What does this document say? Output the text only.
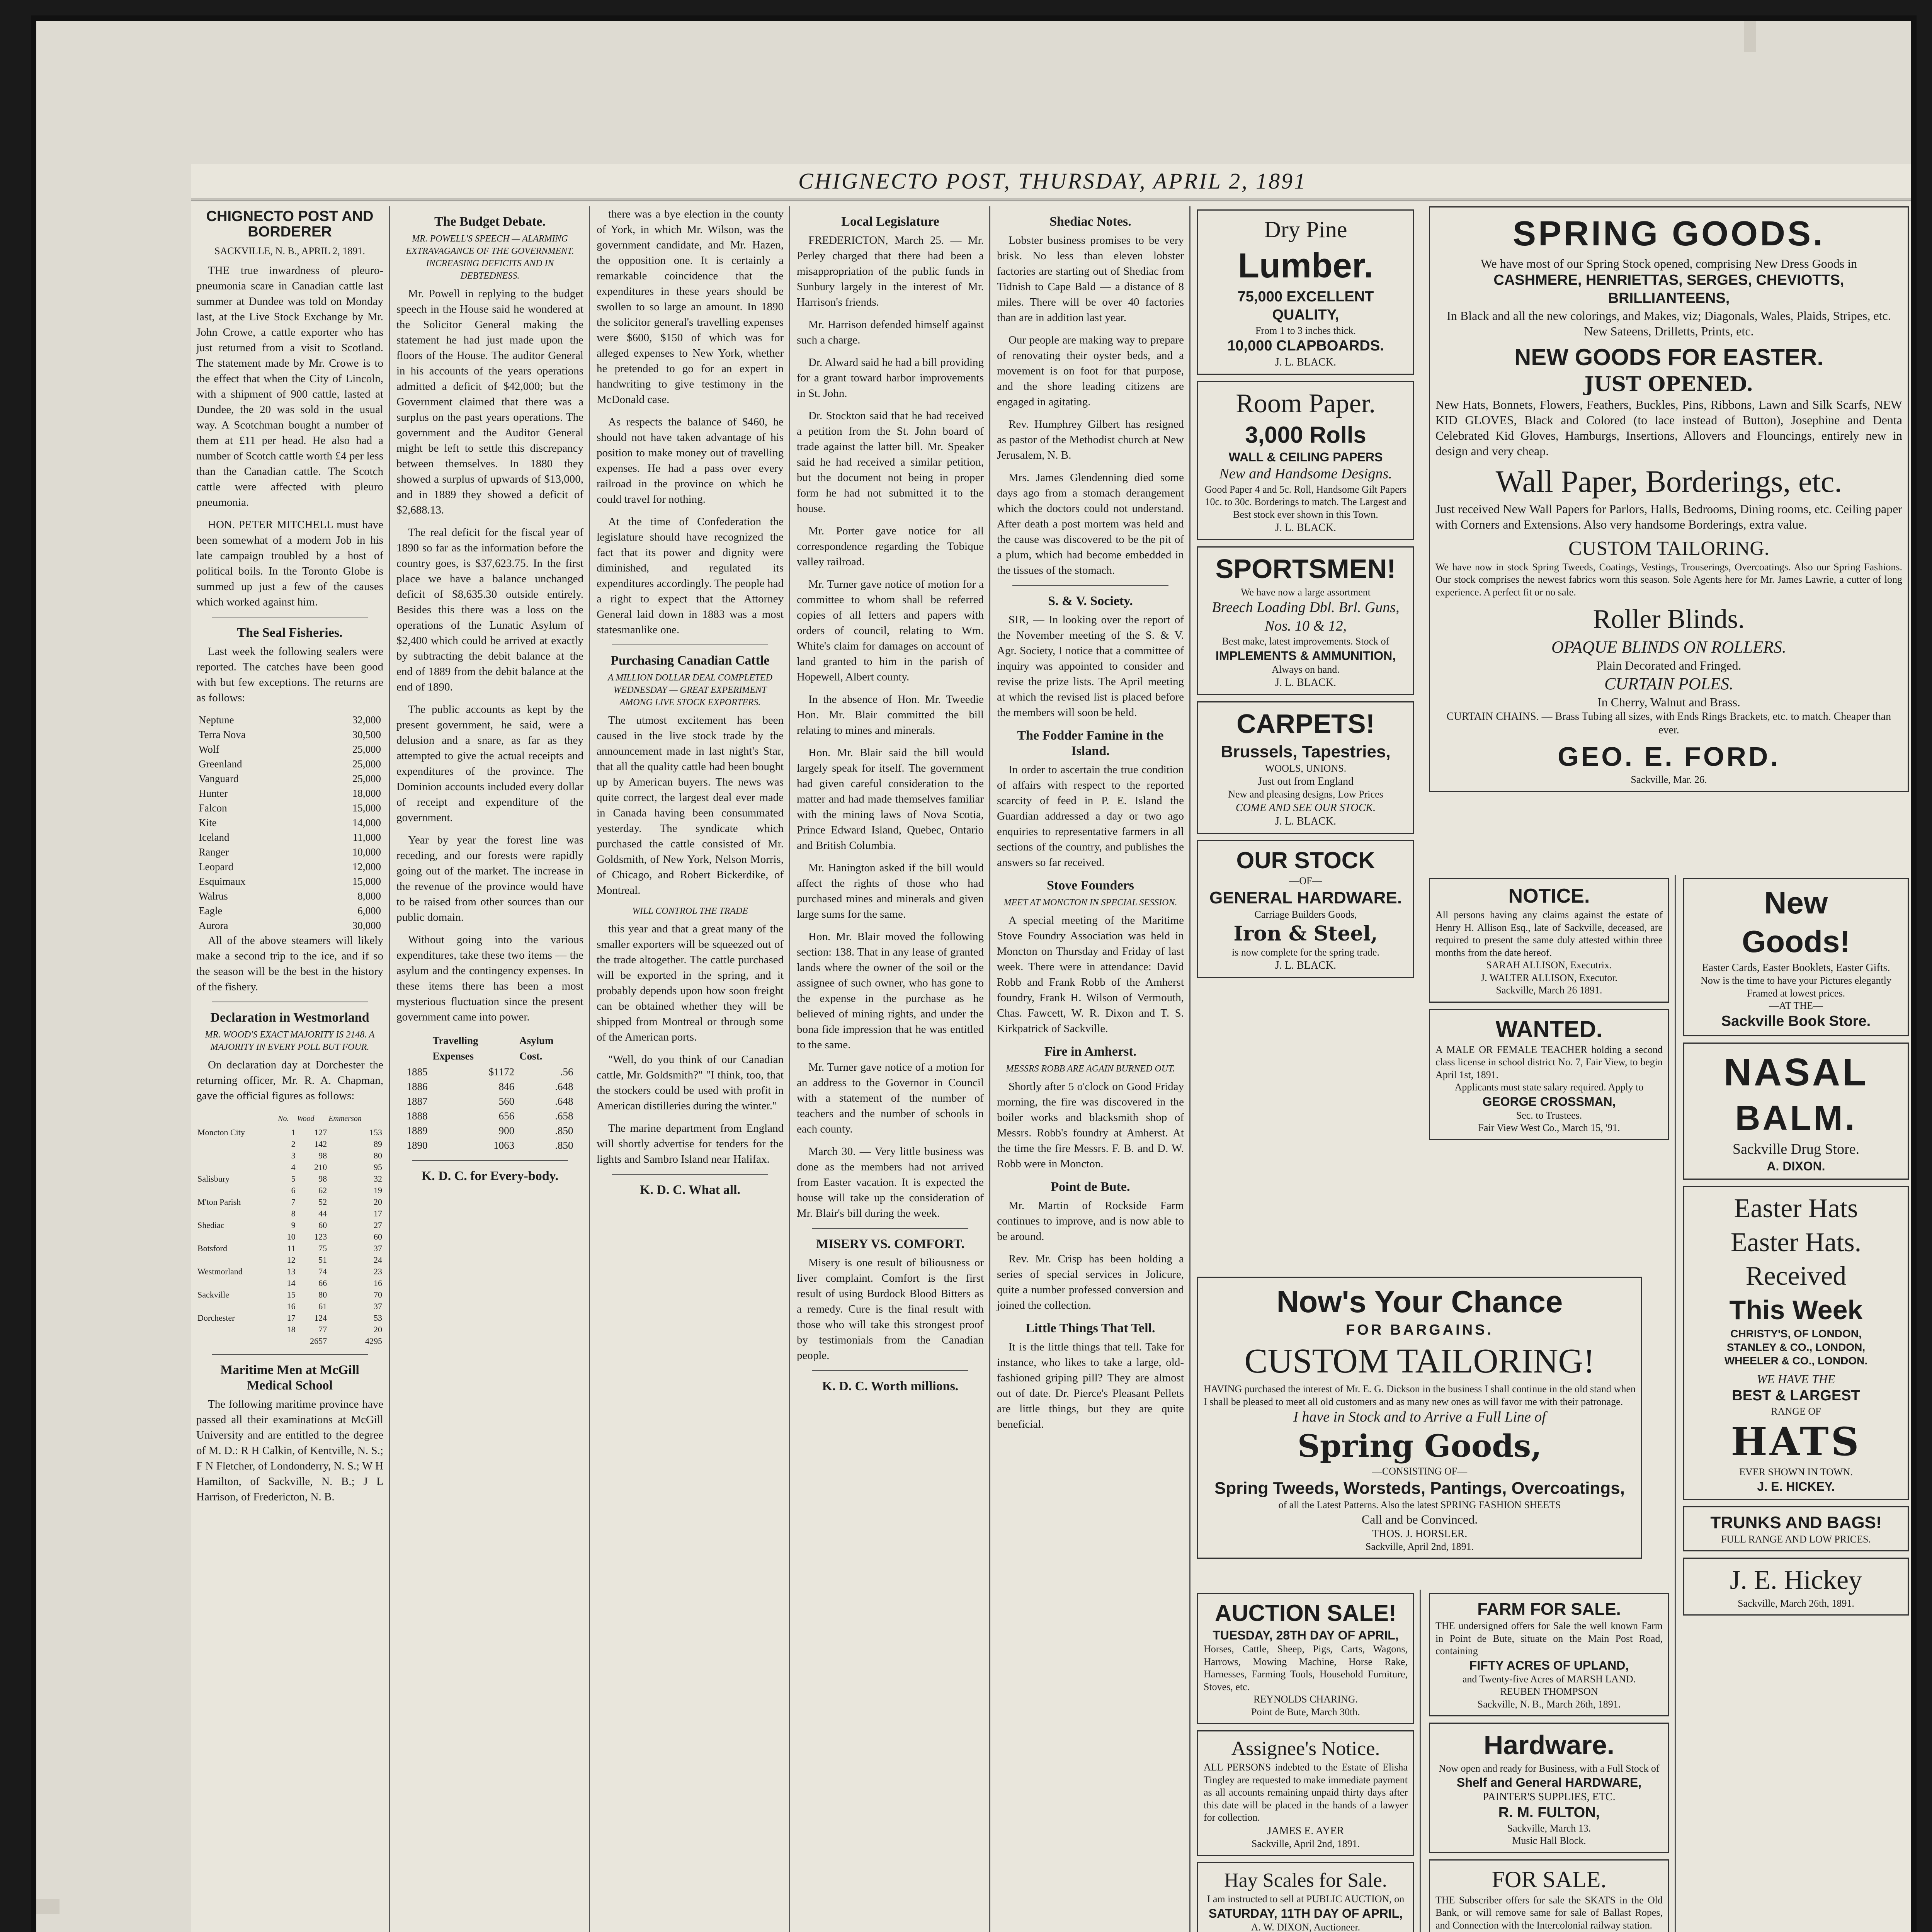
CHIGNECTO POST, THURSDAY, APRIL 2, 1891
CHIGNECTO POST AND BORDERER
SACKVILLE, N. B., APRIL 2, 1891.

THE true inwardness of pleuro-pneumonia scare in Canadian cattle last summer at Dundee was told on Monday last, at the Live Stock Exchange by Mr. John Crowe, a cattle exporter who has just returned from a visit to Scotland. The statement made by Mr. Crowe is to the effect that when the City of Lincoln, with a shipment of 900 cattle, lasted at Dundee, the 20 was sold in the usual way. A Scotchman bought a number of them at £11 per head. He also had a number of Scotch cattle worth £4 per less than the Canadian cattle. The Scotch cattle were affected with pleuro pneumonia.

HON. PETER MITCHELL must have been somewhat of a modern Job in his late campaign troubled by a host of political boils. In the Toronto Globe is summed up just a few of the causes which worked against him.

The Seal Fisheries.

Last week the following sealers were reported. The catches have been good with but few exceptions. The returns are as follows:

Neptune	32,000
Terra Nova	30,500
Wolf	25,000
Greenland	25,000
Vanguard	25,000
Hunter	18,000
Falcon	15,000
Kite	14,000
Iceland	11,000
Ranger	10,000
Leopard	12,000
Esquimaux	15,000
Walrus	8,000
Eagle	6,000
Aurora	30,000

All of the above steamers will likely make a second trip to the ice, and if so the season will be the best in the history of the fishery.

Declaration in Westmorland
MR. WOOD'S EXACT MAJORITY IS 2148. A MAJORITY IN EVERY POLL BUT FOUR.

On declaration day at Dorchester the returning officer, Mr. R. A. Chapman, gave the official figures as follows:

	No.	Wood	Emmerson
Moncton City	1	127	153
	2	142	89
	3	98	80
	4	210	95
Salisbury	5	98	32
	6	62	19
M'ton Parish	7	52	20
	8	44	17
Shediac	9	60	27
	10	123	60
Botsford	11	75	37
	12	51	24
Westmorland	13	74	23
	14	66	16
Sackville	15	80	70
	16	61	37
Dorchester	17	124	53
	18	77	20
		2657	4295
Maritime Men at McGill Medical School

The following maritime province have passed all their examinations at McGill University and are entitled to the degree of M. D.: R H Calkin, of Kentville, N. S.; F N Fletcher, of Londonderry, N. S.; W H Hamilton, of Sackville, N. B.; J L Harrison, of Fredericton, N. B.

The Budget Debate.
MR. POWELL'S SPEECH — ALARMING EXTRAVAGANCE OF THE GOVERNMENT. INCREASING DEFICITS AND IN DEBTEDNESS.

Mr. Powell in replying to the budget speech in the House said he wondered at the Solicitor General making the statement he had just made upon the floors of the House. The auditor General in his accounts of the years operations admitted a deficit of $42,000; but the Government claimed that there was a surplus on the past years operations. The government and the Auditor General might be left to settle this discrepancy between themselves. In 1880 they showed a surplus of upwards of $13,000, and in 1889 they showed a deficit of $2,688.13.

The real deficit for the fiscal year of 1890 so far as the information before the country goes, is $37,623.75. In the first place we have a balance unchanged deficit of $8,635.30 outside entirely. Besides this there was a loss on the operations of the Lunatic Asylum of $2,400 which could be arrived at exactly by subtracting the debit balance at the end of 1889 from the debit balance at the end of 1890.

The public accounts as kept by the present government, he said, were a delusion and a snare, as far as they attempted to give the actual receipts and expenditures of the province. The Dominion accounts included every dollar of receipt and expenditure of the government.

Year by year the forest line was receding, and our forests were rapidly going out of the market. The increase in the revenue of the province would have to be raised from other sources than our public domain.

Without going into the various expenditures, take these two items — the asylum and the contingency expenses. In these items there has been a most mysterious fluctuation since the present government came into power.

	Travelling Expenses	Asylum Cost.
1885	$1172	.56
1886	846	.648
1887	560	.648
1888	656	.658
1889	900	.850
1890	1063	.850
K. D. C. for Every-body.

there was a bye election in the county of York, in which Mr. Wilson, was the government candidate, and Mr. Hazen, the opposition one. It is certainly a remarkable coincidence that the expenditures in these years should be swollen to so large an amount. In 1890 the solicitor general's travelling expenses were $600, $150 of which was for alleged expenses to New York, whether he pretended to go for an expert in handwriting to give testimony in the McDonald case.

As respects the balance of $460, he should not have taken advantage of his position to make money out of travelling expenses. He had a pass over every railroad in the province on which he could travel for nothing.

At the time of Confederation the legislature should have recognized the fact that its power and dignity were diminished, and regulated its expenditures accordingly. The people had a right to expect that the Attorney General laid down in 1883 was a most statesmanlike one.

Purchasing Canadian Cattle
A MILLION DOLLAR DEAL COMPLETED WEDNESDAY — GREAT EXPERIMENT AMONG LIVE STOCK EXPORTERS.

The utmost excitement has been caused in the live stock trade by the announcement made in last night's Star, that all the quality cattle had been bought up by American buyers. The news was quite correct, the largest deal ever made in Canada having been consummated yesterday. The syndicate which purchased the cattle consisted of Mr. Goldsmith, of New York, Nelson Morris, of Chicago, and Robert Bickerdike, of Montreal.

WILL CONTROL THE TRADE

this year and that a great many of the smaller exporters will be squeezed out of the trade altogether. The cattle purchased will be exported in the spring, and it probably depends upon how soon freight can be obtained whether they will be shipped from Montreal or through some of the American ports.

"Well, do you think of our Canadian cattle, Mr. Goldsmith?" "I think, too, that the stockers could be used with profit in American distilleries during the winter."

The marine department from England will shortly advertise for tenders for the lights and Sambro Island near Halifax.

K. D. C. What all.
Local Legislature

FREDERICTON, March 25. — Mr. Perley charged that there had been a misappropriation of the public funds in Sunbury largely in the interest of Mr. Harrison's friends.

Mr. Harrison defended himself against such a charge.

Dr. Alward said he had a bill providing for a grant toward harbor improvements in St. John.

Dr. Stockton said that he had received a petition from the St. John board of trade against the latter bill. Mr. Speaker said he had received a similar petition, but the document not being in proper form he had not submitted it to the house.

Mr. Porter gave notice for all correspondence regarding the Tobique valley railroad.

Mr. Turner gave notice of motion for a committee to whom shall be referred copies of all letters and papers with orders of council, relating to Wm. White's claim for damages on account of land granted to him in the parish of Hopewell, Albert county.

In the absence of Hon. Mr. Tweedie Hon. Mr. Blair committed the bill relating to mines and minerals.

Hon. Mr. Blair said the bill would largely speak for itself. The government had given careful consideration to the matter and had made themselves familiar with the mining laws of Nova Scotia, Prince Edward Island, Quebec, Ontario and British Columbia.

Mr. Hanington asked if the bill would affect the rights of those who had purchased mines and minerals and given large sums for the same.

Hon. Mr. Blair moved the following section: 138. That in any lease of granted lands where the owner of the soil or the assignee of such owner, who has gone to the expense in the purchase as he believed of mining rights, and under the bona fide impression that he was entitled to the same.

Mr. Turner gave notice of a motion for an address to the Governor in Council with a statement of the number of teachers and the number of schools in each county.

March 30. — Very little business was done as the members had not arrived from Easter vacation. It is expected the house will take up the consideration of Mr. Blair's bill during the week.

MISERY VS. COMFORT.

Misery is one result of biliousness or liver complaint. Comfort is the first result of using Burdock Blood Bitters as a remedy. Cure is the final result with those who will take this strongest proof by testimonials from the Canadian people.

K. D. C. Worth millions.
Shediac Notes.

Lobster business promises to be very brisk. No less than eleven lobster factories are starting out of Shediac from Tidnish to Cape Bald — a distance of 8 miles. There will be over 40 factories than are in addition last year.

Our people are making way to prepare of renovating their oyster beds, and a movement is on foot for that purpose, and the shore leading citizens are engaged in agitating.

Rev. Humphrey Gilbert has resigned as pastor of the Methodist church at New Jerusalem, N. B.

Mrs. James Glendenning died some days ago from a stomach derangement which the doctors could not understand. After death a post mortem was held and the cause was discovered to be the pit of a plum, which had become embedded in the tissues of the stomach.

S. & V. Society.

SIR, — In looking over the report of the November meeting of the S. & V. Agr. Society, I notice that a committee of inquiry was appointed to consider and revise the prize lists. The April meeting at which the revised list is placed before the members will soon be held.

The Fodder Famine in the Island.

In order to ascertain the true condition of affairs with respect to the reported scarcity of feed in P. E. Island the Guardian addressed a day or two ago enquiries to representative farmers in all sections of the country, and publishes the answers so far received.

Stove Founders
MEET AT MONCTON IN SPECIAL SESSION.

A special meeting of the Maritime Stove Foundry Association was held in Moncton on Thursday and Friday of last week. There were in attendance: David Robb and Frank Robb of the Amherst foundry, Frank H. Wilson of Vermouth, Chas. Fawcett, W. R. Dixon and T. S. Kirkpatrick of Sackville.

Fire in Amherst.
MESSRS ROBB ARE AGAIN BURNED OUT.

Shortly after 5 o'clock on Good Friday morning, the fire was discovered in the boiler works and blacksmith shop of Messrs. Robb's foundry at Amherst. At the time the fire Messrs. F. B. and D. W. Robb were in Moncton.

Point de Bute.

Mr. Martin of Rockside Farm continues to improve, and is now able to be around.

Rev. Mr. Crisp has been holding a series of special services in Jolicure, quite a number professed conversion and joined the collection.

Little Things That Tell.

It is the little things that tell. Take for instance, who likes to take a large, old-fashioned griping pill? They are almost out of date. Dr. Pierce's Pleasant Pellets are little things, but they are quite beneficial.

Dry Pine
Lumber.
75,000 EXCELLENT QUALITY,
From 1 to 3 inches thick.
10,000 CLAPBOARDS.
J. L. BLACK.
Room Paper.
3,000 Rolls
WALL & CEILING PAPERS
New and Handsome Designs.
Good Paper 4 and 5c. Roll, Handsome Gilt Papers 10c. to 30c. Borderings to match. The Largest and Best stock ever shown in this Town.
J. L. BLACK.
SPORTSMEN!
We have now a large assortment
Breech Loading Dbl. Brl. Guns, Nos. 10 & 12,
Best make, latest improvements. Stock of
IMPLEMENTS & AMMUNITION,
Always on hand.
J. L. BLACK.
CARPETS!
Brussels, Tapestries,
WOOLS, UNIONS.
Just out from England
New and pleasing designs, Low Prices
COME AND SEE OUR STOCK.
J. L. BLACK.
OUR STOCK
—OF—
GENERAL HARDWARE.
Carriage Builders Goods,
Iron & Steel,
is now complete for the spring trade.
J. L. BLACK.
Now's Your Chance
FOR BARGAINS.
CUSTOM TAILORING!
HAVING purchased the interest of Mr. E. G. Dickson in the business I shall continue in the old stand when I shall be pleased to meet all old customers and as many new ones as will favor me with their patronage.
I have in Stock and to Arrive a Full Line of
Spring Goods,
—CONSISTING OF—
Spring Tweeds, Worsteds, Pantings, Overcoatings,
of all the Latest Patterns. Also the latest SPRING FASHION SHEETS
Call and be Convinced.
THOS. J. HORSLER.
Sackville, April 2nd, 1891.
AUCTION SALE!
TUESDAY, 28TH DAY OF APRIL,
Horses, Cattle, Sheep, Pigs, Carts, Wagons, Harrows, Mowing Machine, Horse Rake, Harnesses, Farming Tools, Household Furniture, Stoves, etc.
REYNOLDS CHARING.
Point de Bute, March 30th.
Assignee's Notice.
ALL PERSONS indebted to the Estate of Elisha Tingley are requested to make immediate payment as all accounts remaining unpaid thirty days after this date will be placed in the hands of a lawyer for collection.
JAMES E. AYER
Sackville, April 2nd, 1891.
Hay Scales for Sale.
I am instructed to sell at PUBLIC AUCTION, on
SATURDAY, 11TH DAY OF APRIL,
A. W. DIXON, Auctioneer.
SPRING GOODS.
We have most of our Spring Stock opened, comprising New Dress Goods in
CASHMERE, HENRIETTAS, SERGES, CHEVIOTTS, BRILLIANTEENS,
In Black and all the new colorings, and Makes, viz; Diagonals, Wales, Plaids, Stripes, etc. New Sateens, Drilletts, Prints, etc.
NEW GOODS FOR EASTER.
JUST OPENED.
New Hats, Bonnets, Flowers, Feathers, Buckles, Pins, Ribbons, Lawn and Silk Scarfs, NEW KID GLOVES, Black and Colored (to lace instead of Button), Josephine and Denta Celebrated Kid Gloves, Hamburgs, Insertions, Allovers and Flouncings, entirely new in design and very cheap.
Wall Paper, Borderings, etc.
Just received New Wall Papers for Parlors, Halls, Bedrooms, Dining rooms, etc. Ceiling paper with Corners and Extensions. Also very handsome Borderings, extra value.
CUSTOM TAILORING.
We have now in stock Spring Tweeds, Coatings, Vestings, Trouserings, Overcoatings. Also our Spring Fashions. Our stock comprises the newest fabrics worn this season. Sole Agents here for Mr. James Lawrie, a cutter of long experience. A perfect fit or no sale.
Roller Blinds.
OPAQUE BLINDS ON ROLLERS.
Plain Decorated and Fringed.
CURTAIN POLES.
In Cherry, Walnut and Brass.
CURTAIN CHAINS. — Brass Tubing all sizes, with Ends Rings Brackets, etc. to match. Cheaper than ever.
GEO. E. FORD.
Sackville, Mar. 26.
NOTICE.
All persons having any claims against the estate of Henry H. Allison Esq., late of Sackville, deceased, are required to present the same duly attested within three months from the date hereof.
SARAH ALLISON, Executrix.
J. WALTER ALLISON, Executor.
Sackville, March 26 1891.
WANTED.
A MALE OR FEMALE TEACHER holding a second class license in school district No. 7, Fair View, to begin April 1st, 1891.
Applicants must state salary required. Apply to
GEORGE CROSSMAN,
Sec. to Trustees.
Fair View West Co., March 15, '91.
FARM FOR SALE.
THE undersigned offers for Sale the well known Farm in Point de Bute, situate on the Main Post Road, containing
FIFTY ACRES OF UPLAND,
and Twenty-five Acres of MARSH LAND.
REUBEN THOMPSON
Sackville, N. B., March 26th, 1891.
Hardware.
Now open and ready for Business, with a Full Stock of
Shelf and General HARDWARE,
PAINTER'S SUPPLIES, ETC.
R. M. FULTON,
Sackville, March 13.
Music Hall Block.
FOR SALE.
THE Subscriber offers for sale the SKATS in the Old Bank, or will remove same for sale of Ballast Ropes, and Connection with the Intercolonial railway station.
New
Goods!
Easter Cards, Easter Booklets, Easter Gifts.
Now is the time to have your Pictures elegantly Framed at lowest prices.
—AT THE—
Sackville Book Store.
NASAL
BALM.
Sackville Drug Store.
A. DIXON.
Easter Hats
Easter Hats.
Received
This Week
CHRISTY'S, OF LONDON,
STANLEY & CO., LONDON,
WHEELER & CO., LONDON.
WE HAVE THE
BEST & LARGEST
RANGE OF
HATS
EVER SHOWN IN TOWN.
J. E. HICKEY.
TRUNKS AND BAGS!
FULL RANGE AND LOW PRICES.
J. E. Hickey
Sackville, March 26th, 1891.
